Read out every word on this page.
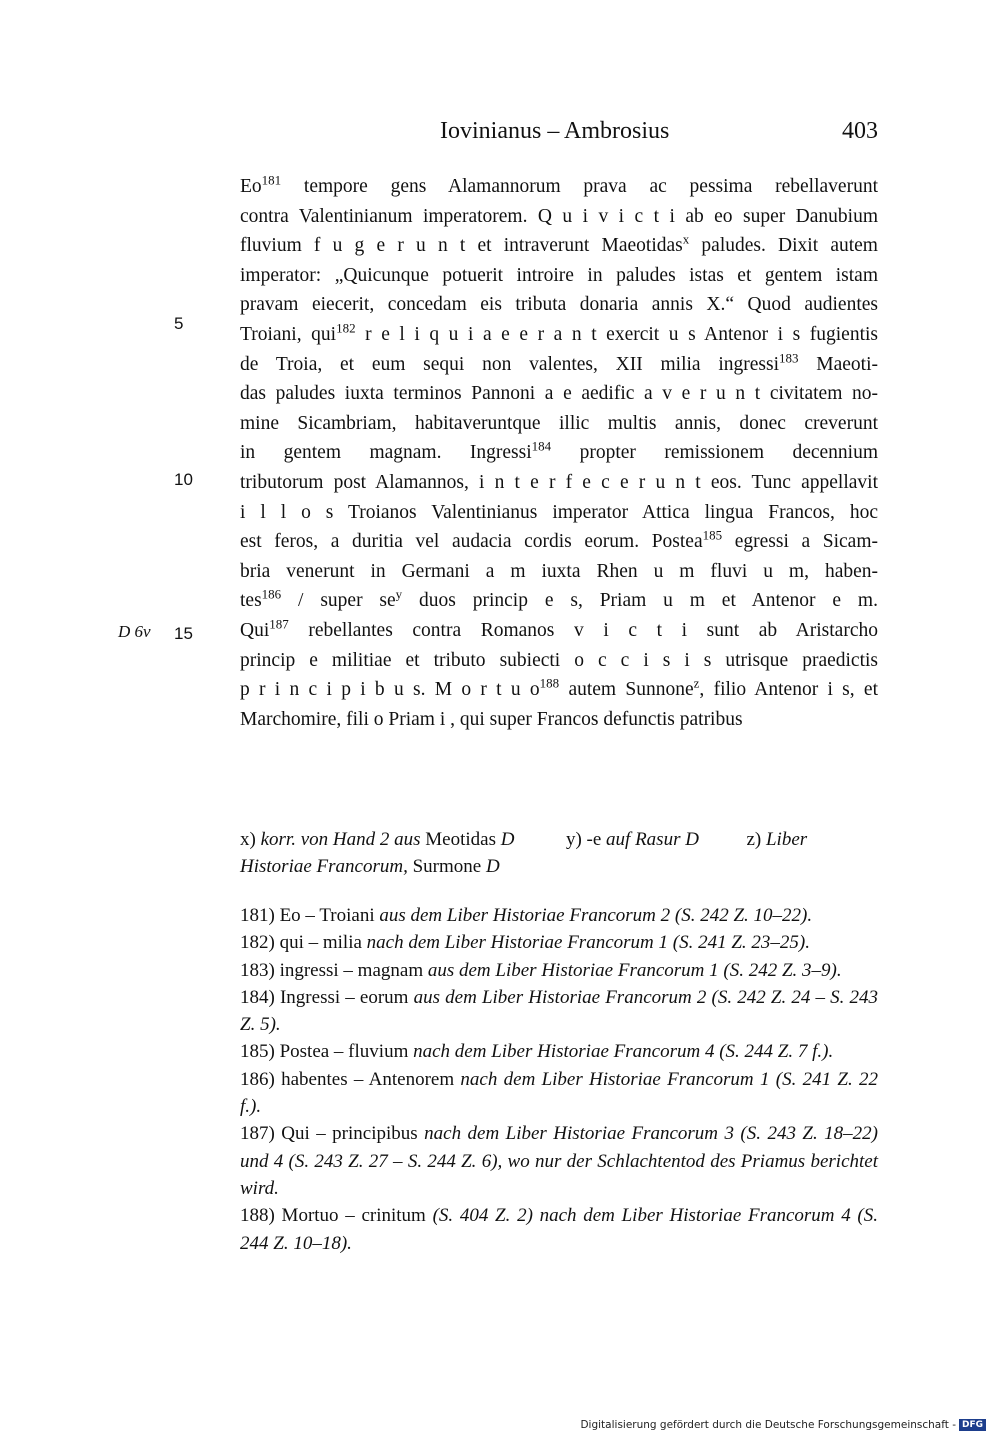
Iovinianus – Ambrosius	403
5
10
15
D 6v
Eo$^{181}$ tempore gens Alamannorum prava ac pessima rebellaverunt
contra Valentinianum imperatorem. Q u i v i c t i ab eo super Danubium
fluvium f u g e r u n t et intraverunt Maeotidas$^x$ paludes. Dixit autem
imperator: „Quicunque potuerit introire in paludes istas et gentem istam
pravam eiecerit, concedam eis tributa donaria annis X.“ Quod audientes
Troiani, qui$^{182}$ r e l i q u i a e e r a n t exercit u s Antenor i s fugientis
de Troia, et eum sequi non valentes, XII milia ingressi$^{183}$ Maeoti-
das paludes iuxta terminos Pannoni a e aedific a v e r u n t civitatem no-
mine Sicambriam, habitaveruntque illic multis annis, donec creverunt
in gentem magnam. Ingressi$^{184}$ propter remissionem decennium
tributorum post Alamannos, i n t e r f e c e r u n t eos. Tunc appellavit
i l l o s Troianos Valentinianus imperator Attica lingua Francos, hoc
est feros, a duritia vel audacia cordis eorum. Postea$^{185}$ egressi a Sicam-
bria venerunt in Germani a m iuxta Rhen u m fluvi u m, haben-
tes$^{186}$ / super $se^y$ duos princip e s, Priam u m et Antenor e m.
Qui$^{187}$ rebellantes contra Romanos v i c t i sunt ab Aristarcho
princip e militiae et tributo subiecti o c c i s i s utrisque praedictis
p r i n c i p i b u s. M o r t u $o^{188}$ autem Sunnone$^z$, filio Antenor i s, et
Marchomire, fili o Priam i , qui super Francos defunctis patribus
x) korr. von Hand 2 aus Meotidas D	y) -e auf Rasur D	z) Liber
Historiae Francorum, Surmone D
181) Eo – Troiani aus dem Liber Historiae Francorum 2 (S. 242 Z. 10–22).
182) qui – milia nach dem Liber Historiae Francorum 1 (S. 241 Z. 23–25).
183) ingressi – magnam aus dem Liber Historiae Francorum 1 (S. 242 Z. 3–9).
184) Ingressi – eorum aus dem Liber Historiae Francorum 2 (S. 242 Z. 24 – S. 243 Z. 5).
185) Postea – fluvium nach dem Liber Historiae Francorum 4 (S. 244 Z. 7 f.).
186) habentes – Antenorem nach dem Liber Historiae Francorum 1 (S. 241 Z. 22 f.).
187) Qui – principibus nach dem Liber Historiae Francorum 3 (S. 243 Z. 18–22) und 4 (S. 243 Z. 27 – S. 244 Z. 6), wo nur der Schlachtentod des Priamus berichtet wird.
188) Mortuo – crinitum (S. 404 Z. 2) nach dem Liber Historiae Francorum 4 (S. 244 Z. 10–18).
Digitalisierung gefördert durch die Deutsche Forschungsgemeinschaft - DFG
